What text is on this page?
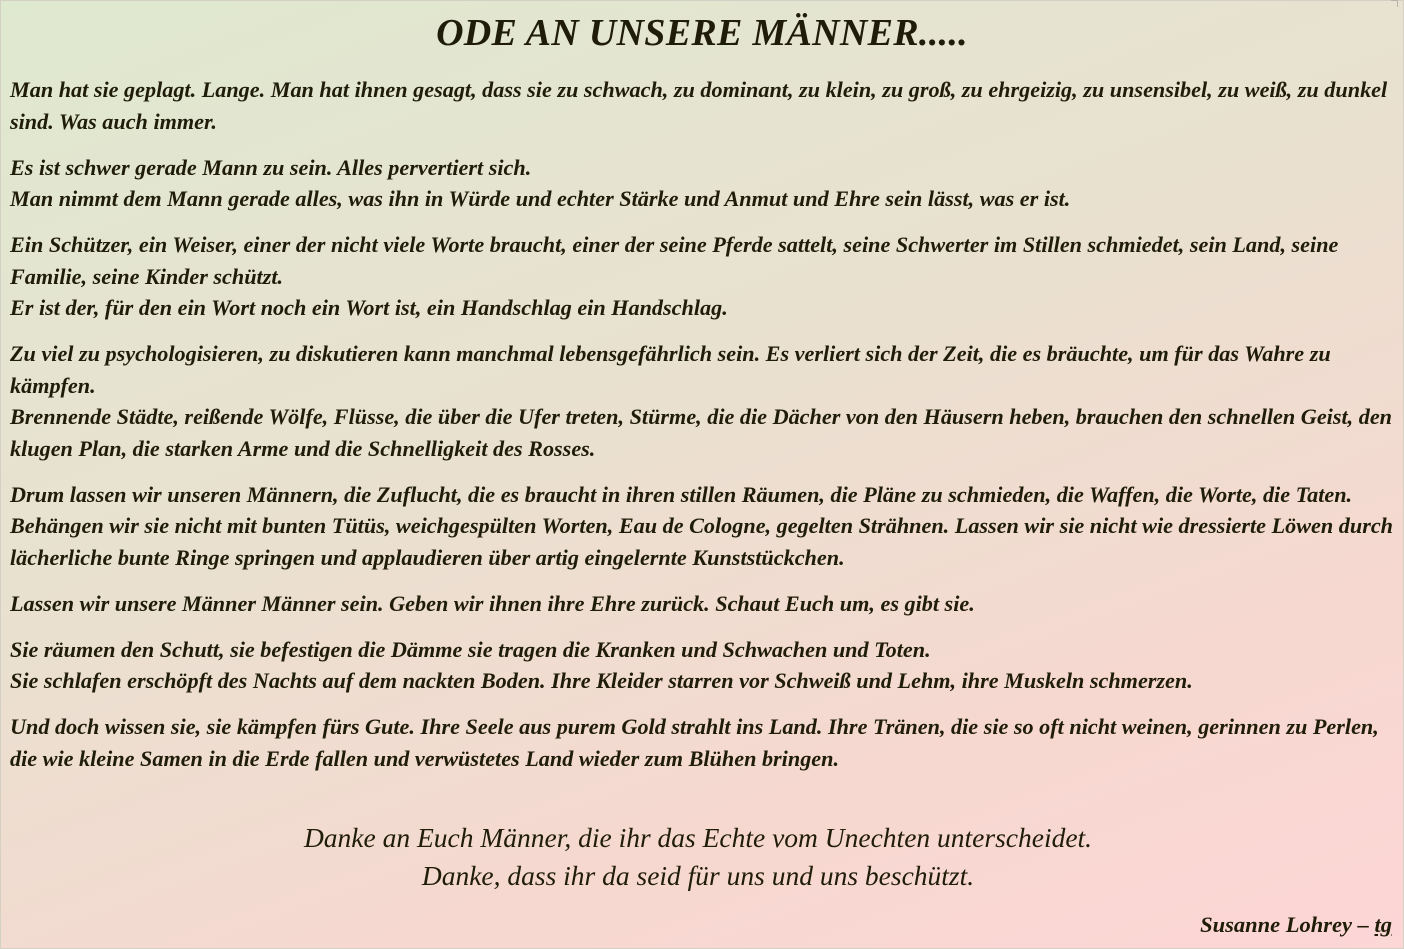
ODE AN UNSERE MÄNNER.....

Man hat sie geplagt. Lange. Man hat ihnen gesagt, dass sie zu schwach, zu dominant, zu klein, zu groß, zu ehrgeizig, zu unsensibel, zu weiß, zu dunkel sind. Was auch immer.

Es ist schwer gerade Mann zu sein. Alles pervertiert sich.
Man nimmt dem Mann gerade alles, was ihn in Würde und echter Stärke und Anmut und Ehre sein lässt, was er ist.

Ein Schützer, ein Weiser, einer der nicht viele Worte braucht, einer der seine Pferde sattelt, seine Schwerter im Stillen schmiedet, sein Land, seine Familie, seine Kinder schützt.
Er ist der, für den ein Wort noch ein Wort ist, ein Handschlag ein Handschlag.

Zu viel zu psychologisieren, zu diskutieren kann manchmal lebensgefährlich sein. Es verliert sich der Zeit, die es bräuchte, um für das Wahre zu kämpfen.
Brennende Städte, reißende Wölfe, Flüsse, die über die Ufer treten, Stürme, die die Dächer von den Häusern heben, brauchen den schnellen Geist, den klugen Plan, die starken Arme und die Schnelligkeit des Rosses.

Drum lassen wir unseren Männern, die Zuflucht, die es braucht in ihren stillen Räumen, die Pläne zu schmieden, die Waffen, die Worte, die Taten.
Behängen wir sie nicht mit bunten Tütüs, weichgespülten Worten, Eau de Cologne, gegelten Strähnen. Lassen wir sie nicht wie dressierte Löwen durch lächerliche bunte Ringe springen und applaudieren über artig eingelernte Kunststückchen.

Lassen wir unsere Männer Männer sein. Geben wir ihnen ihre Ehre zurück. Schaut Euch um, es gibt sie.

Sie räumen den Schutt, sie befestigen die Dämme sie tragen die Kranken und Schwachen und Toten.
Sie schlafen erschöpft des Nachts auf dem nackten Boden. Ihre Kleider starren vor Schweiß und Lehm, ihre Muskeln schmerzen.

Und doch wissen sie, sie kämpfen fürs Gute. Ihre Seele aus purem Gold strahlt ins Land. Ihre Tränen, die sie so oft nicht weinen, gerinnen zu Perlen, die wie kleine Samen in die Erde fallen und verwüstetes Land wieder zum Blühen bringen.

Danke an Euch Männer, die ihr das Echte vom Unechten unterscheidet.
Danke, dass ihr da seid für uns und uns beschützt.
Susanne Lohrey – tg
